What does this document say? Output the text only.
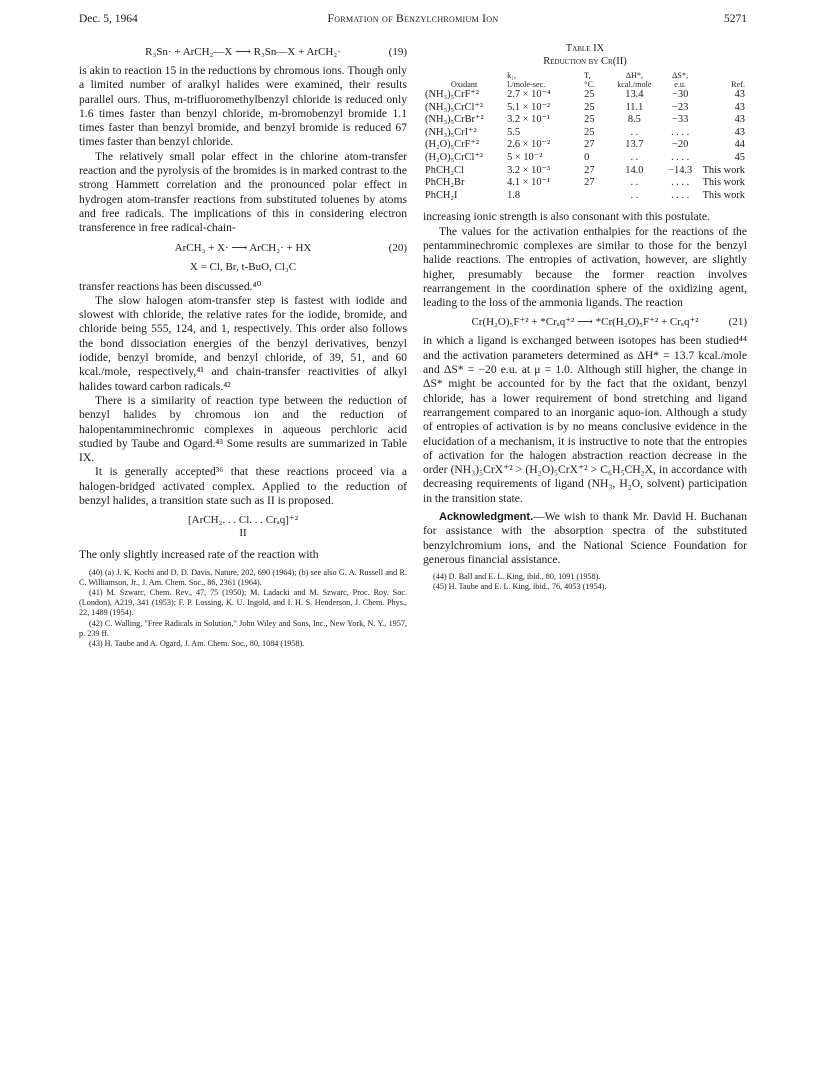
Dec. 5, 1964	Formation of Benzylchromium Ion	5271
R₃Sn· + ArCH₂—X ⟶ R₃Sn—X + ArCH₂·	(19)

is akin to reaction 15 in the reductions by chromous ions. Though only a limited number of aralkyl halides were examined, their results parallel ours. Thus, m-trifluoromethylbenzyl chloride is reduced only 1.6 times faster than benzyl chloride, m-bromobenzyl bromide 1.1 times faster than benzyl bromide, and benzyl bromide is reduced 67 times faster than benzyl chloride.

The relatively small polar effect in the chlorine atom-transfer reaction and the pyrolysis of the bromides is in marked contrast to the strong Hammett correlation and the pronounced polar effect in hydrogen atom-transfer reactions from substituted toluenes by atoms and free radicals. The implications of this in considering electron transference in free radical-chain-

ArCH₃ + X· ⟶ ArCH₂· + HX	(20)
X = Cl, Br, t-BuO, Cl₃C

transfer reactions has been discussed.⁴⁰

The slow halogen atom-transfer step is fastest with iodide and slowest with chloride, the relative rates for the iodide, bromide, and chloride being 555, 124, and 1, respectively. This order also follows the bond dissociation energies of the benzyl derivatives, benzyl iodide, benzyl bromide, and benzyl chloride, of 39, 51, and 60 kcal./mole, respectively,⁴¹ and chain-transfer reactivities of alkyl halides toward carbon radicals.⁴²

There is a similarity of reaction type between the reduction of benzyl halides by chromous ion and the reduction of halopentamminechromic complexes in aqueous perchloric acid studied by Taube and Ogard.⁴³ Some results are summarized in Table IX.

It is generally accepted³⁶ that these reactions proceed via a halogen-bridged activated complex. Applied to the reduction of benzyl halides, a transition state such as II is proposed.

[ArCH₂. . . Cl. . . Crₐq]⁺²
II

The only slightly increased rate of the reaction with

(40) (a) J. K. Kochi and D. D. Davis, Nature, 202, 690 (1964); (b) see also G. A. Russell and R. C. Williamson, Jr., J. Am. Chem. Soc., 86, 2361 (1964).

(41) M. Szwarc, Chem. Rev., 47, 75 (1950); M. Ladacki and M. Szwarc, Proc. Roy. Soc. (London), A219, 341 (1953); F. P. Lossing, K. U. Ingold, and I. H. S. Henderson, J. Chem. Phys., 22, 1489 (1954).

(42) C. Walling, "Free Radicals in Solution," John Wiley and Sons, Inc., New York, N. Y., 1957, p. 239 ff.

(43) H. Taube and A. Ogard, J. Am. Chem. Soc., 80, 1084 (1958).

Table IX
Reduction by Cr(II)
	k₁,	T,	ΔH*,	ΔS*,	
Oxidant	l./mole-sec.	°C.	kcal./mole	e.u.	Ref.
(NH₃)₅CrF⁺²	2.7 × 10⁻⁴	25	13.4	−30	43
(NH₃)₅CrCl⁺²	5.1 × 10⁻²	25	11.1	−23	43
(NH₃)₅CrBr⁺²	3.2 × 10⁻¹	25	8.5	−33	43
(NH₃)₅CrI⁺²	5.5	25	. .	. . . .	43
(H₂O)₅CrF⁺²	2.6 × 10⁻²	27	13.7	−20	44
(H₂O)₅CrCl⁺²	5 × 10⁻²	0	. .	. . . .	45
PhCH₂Cl	3.2 × 10⁻³	27	14.0	−14.3	This work
PhCH₂Br	4.1 × 10⁻¹	27	. .	. . . .	This work
PhCH₂I	1.8		. .	. . . .	This work

increasing ionic strength is also consonant with this postulate.

The values for the activation enthalpies for the reactions of the pentamminechromic complexes are similar to those for the benzyl halide reactions. The entropies of activation, however, are slightly higher, presumably because the former reaction involves rearrangement in the coordination sphere of the oxidizing agent, leading to the loss of the ammonia ligands. The reaction

Cr(H₂O)₅F⁺² + *Crₐq⁺² ⟶ *Cr(H₂O)₅F⁺² + Crₐq⁺²	(21)

in which a ligand is exchanged between isotopes has been studied⁴⁴ and the activation parameters determined as ΔH* = 13.7 kcal./mole and ΔS* = −20 e.u. at μ = 1.0. Although still higher, the change in ΔS* might be accounted for by the fact that the oxidant, benzyl chloride, has a lower requirement of bond stretching and ligand rearrangement compared to an inorganic aquo-ion. Although a study of entropies of activation is by no means conclusive evidence in the elucidation of a mechanism, it is instructive to note that the entropies of activation for the halogen abstraction reaction decrease in the order (NH₃)₅CrX⁺² > (H₂O)₅CrX⁺² > C₆H₅CH₂X, in accordance with decreasing requirements of ligand (NH₃, H₂O, solvent) participation in the transition state.

Acknowledgment.—We wish to thank Mr. David H. Buchanan for assistance with the absorption spectra of the substituted benzylchromium ions, and the National Science Foundation for generous financial assistance.

(44) D. Ball and E. L. King, ibid., 80, 1091 (1958).

(45) H. Taube and E. L. King, ibid., 76, 4053 (1954).
